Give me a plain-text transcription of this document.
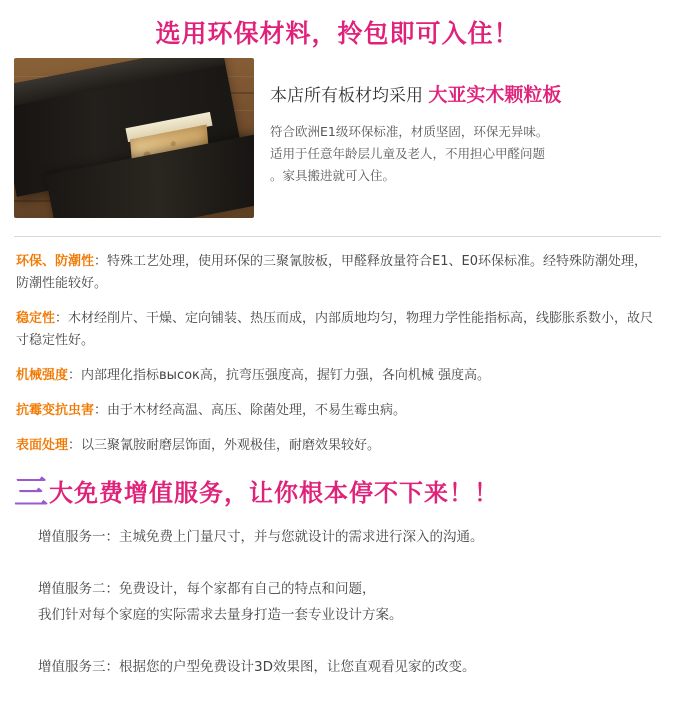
选用环保材料，拎包即可入住！
本店所有板材均采用 大亚实木颗粒板
符合欧洲E1级环保标准，材质坚固，环保无异味。
适用于任意年龄层儿童及老人，不用担心甲醛问题
。家具搬进就可入住。
环保、防潮性：特殊工艺处理，使用环保的三聚氰胺板，甲醛释放量符合E1、E0环保标准。经特殊防潮处理，防潮性能较好。
稳定性：木材经削片、干燥、定向铺装、热压而成，内部质地均匀，物理力学性能指标高，线膨胀系数小，故尺寸稳定性好。
机械强度：内部理化指标высок高，抗弯压强度高，握钉力强，各向机械 强度高。
抗霉变抗虫害：由于木材经高温、高压、除菌处理，不易生霉虫病。
表面处理：以三聚氰胺耐磨层饰面，外观极佳，耐磨效果较好。
三大免费增值服务，让你根本停不下来！！
增值服务一：主城免费上门量尺寸，并与您就设计的需求进行深入的沟通。
增值服务二：免费设计，每个家都有自己的特点和问题，
我们针对每个家庭的实际需求去量身打造一套专业设计方案。
增值服务三：根据您的户型免费设计3D效果图，让您直观看见家的改变。
